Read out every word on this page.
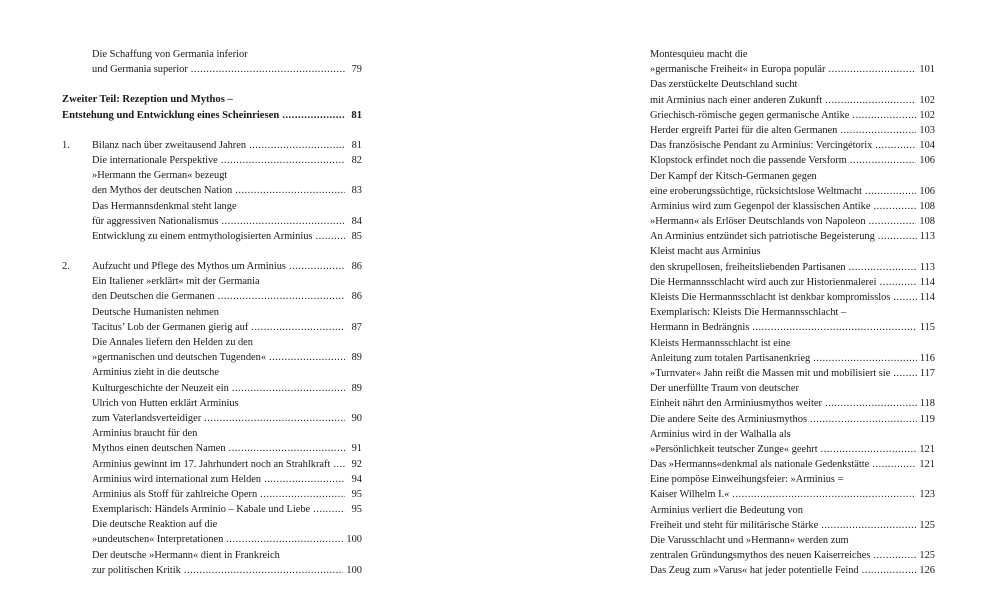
Die Schaffung von Germania inferior
und Germania superior .....	79
Zweiter Teil: Rezeption und Mythos –
Entstehung und Entwicklung eines Scheinriesen .....	81
1. Bilanz nach über zweitausend Jahren .....	81
Die internationale Perspektive .....	82
»Hermann the German« bezeugt
den Mythos der deutschen Nation .....	83
Das Hermannsdenkmal steht lange
für aggressiven Nationalismus .....	84
Entwicklung zu einem entmythologisierten Arminius .....	85
2. Aufzucht und Pflege des Mythos um Arminius .....	86
Ein Italiener »erklärt« mit der Germania
den Deutschen die Germanen .....	86
Deutsche Humanisten nehmen
Tacitus’ Lob der Germanen gierig auf .....	87
Die Annales liefern den Helden zu den
»germanischen und deutschen Tugenden« .....	89
Arminius zieht in die deutsche
Kulturgeschichte der Neuzeit ein .....	89
Ulrich von Hutten erklärt Arminius
zum Vaterlandsverteidiger .....	90
Arminius braucht für den
Mythos einen deutschen Namen .....	91
Arminius gewinnt im 17. Jahrhundert noch an Strahlkraft .....	92
Arminius wird international zum Helden .....	94
Arminius als Stoff für zahlreiche Opern .....	95
Exemplarisch: Händels Arminio – Kabale und Liebe .....	95
Die deutsche Reaktion auf die
»undeutschen« Interpretationen .....	100
Der deutsche »Hermann« dient in Frankreich
zur politischen Kritik .....	100
Montesquieu macht die
»germanische Freiheit« in Europa populär .....	101
Das zerstückelte Deutschland sucht
mit Arminius nach einer anderen Zukunft .....	102
Griechisch-römische gegen germanische Antike .....	102
Herder ergreift Partei für die alten Germanen .....	103
Das französische Pendant zu Arminius: Vercingétorix .....	104
Klopstock erfindet noch die passende Versform .....	106
Der Kampf der Kitsch-Germanen gegen
eine eroberungssüchtige, rücksichtslose Weltmacht .....	106
Arminius wird zum Gegenpol der klassischen Antike .....	108
»Hermann« als Erlöser Deutschlands von Napoleon .....	108
An Arminius entzündet sich patriotische Begeisterung .....	113
Kleist macht aus Arminius
den skrupellosen, freiheitsliebenden Partisanen .....	113
Die Hermannsschlacht wird auch zur Historienmalerei .....	114
Kleists Die Hermannsschlacht ist denkbar kompromisslos .....	114
Exemplarisch: Kleists Die Hermannsschlacht –
Hermann in Bedrängnis .....	115
Kleists Hermannsschlacht ist eine
Anleitung zum totalen Partisanenkrieg .....	116
»Turnvater« Jahn reißt die Massen mit und mobilisiert sie .....	117
Der unerfüllte Traum von deutscher
Einheit nährt den Arminiusmythos weiter .....	118
Die andere Seite des Arminiusmythos .....	119
Arminius wird in der Walhalla als
»Persönlichkeit teutscher Zunge« geehrt .....	121
Das »Hermanns«denkmal als nationale Gedenkstätte .....	121
Eine pompöse Einweihungsfeier: »Arminius =
Kaiser Wilhelm I.« .....	123
Arminius verliert die Bedeutung von
Freiheit und steht für militärische Stärke .....	125
Die Varusschlacht und »Hermann« werden zum
zentralen Gründungsmythos des neuen Kaiserreiches .....	125
Das Zeug zum »Varus« hat jeder potentielle Feind .....	126
